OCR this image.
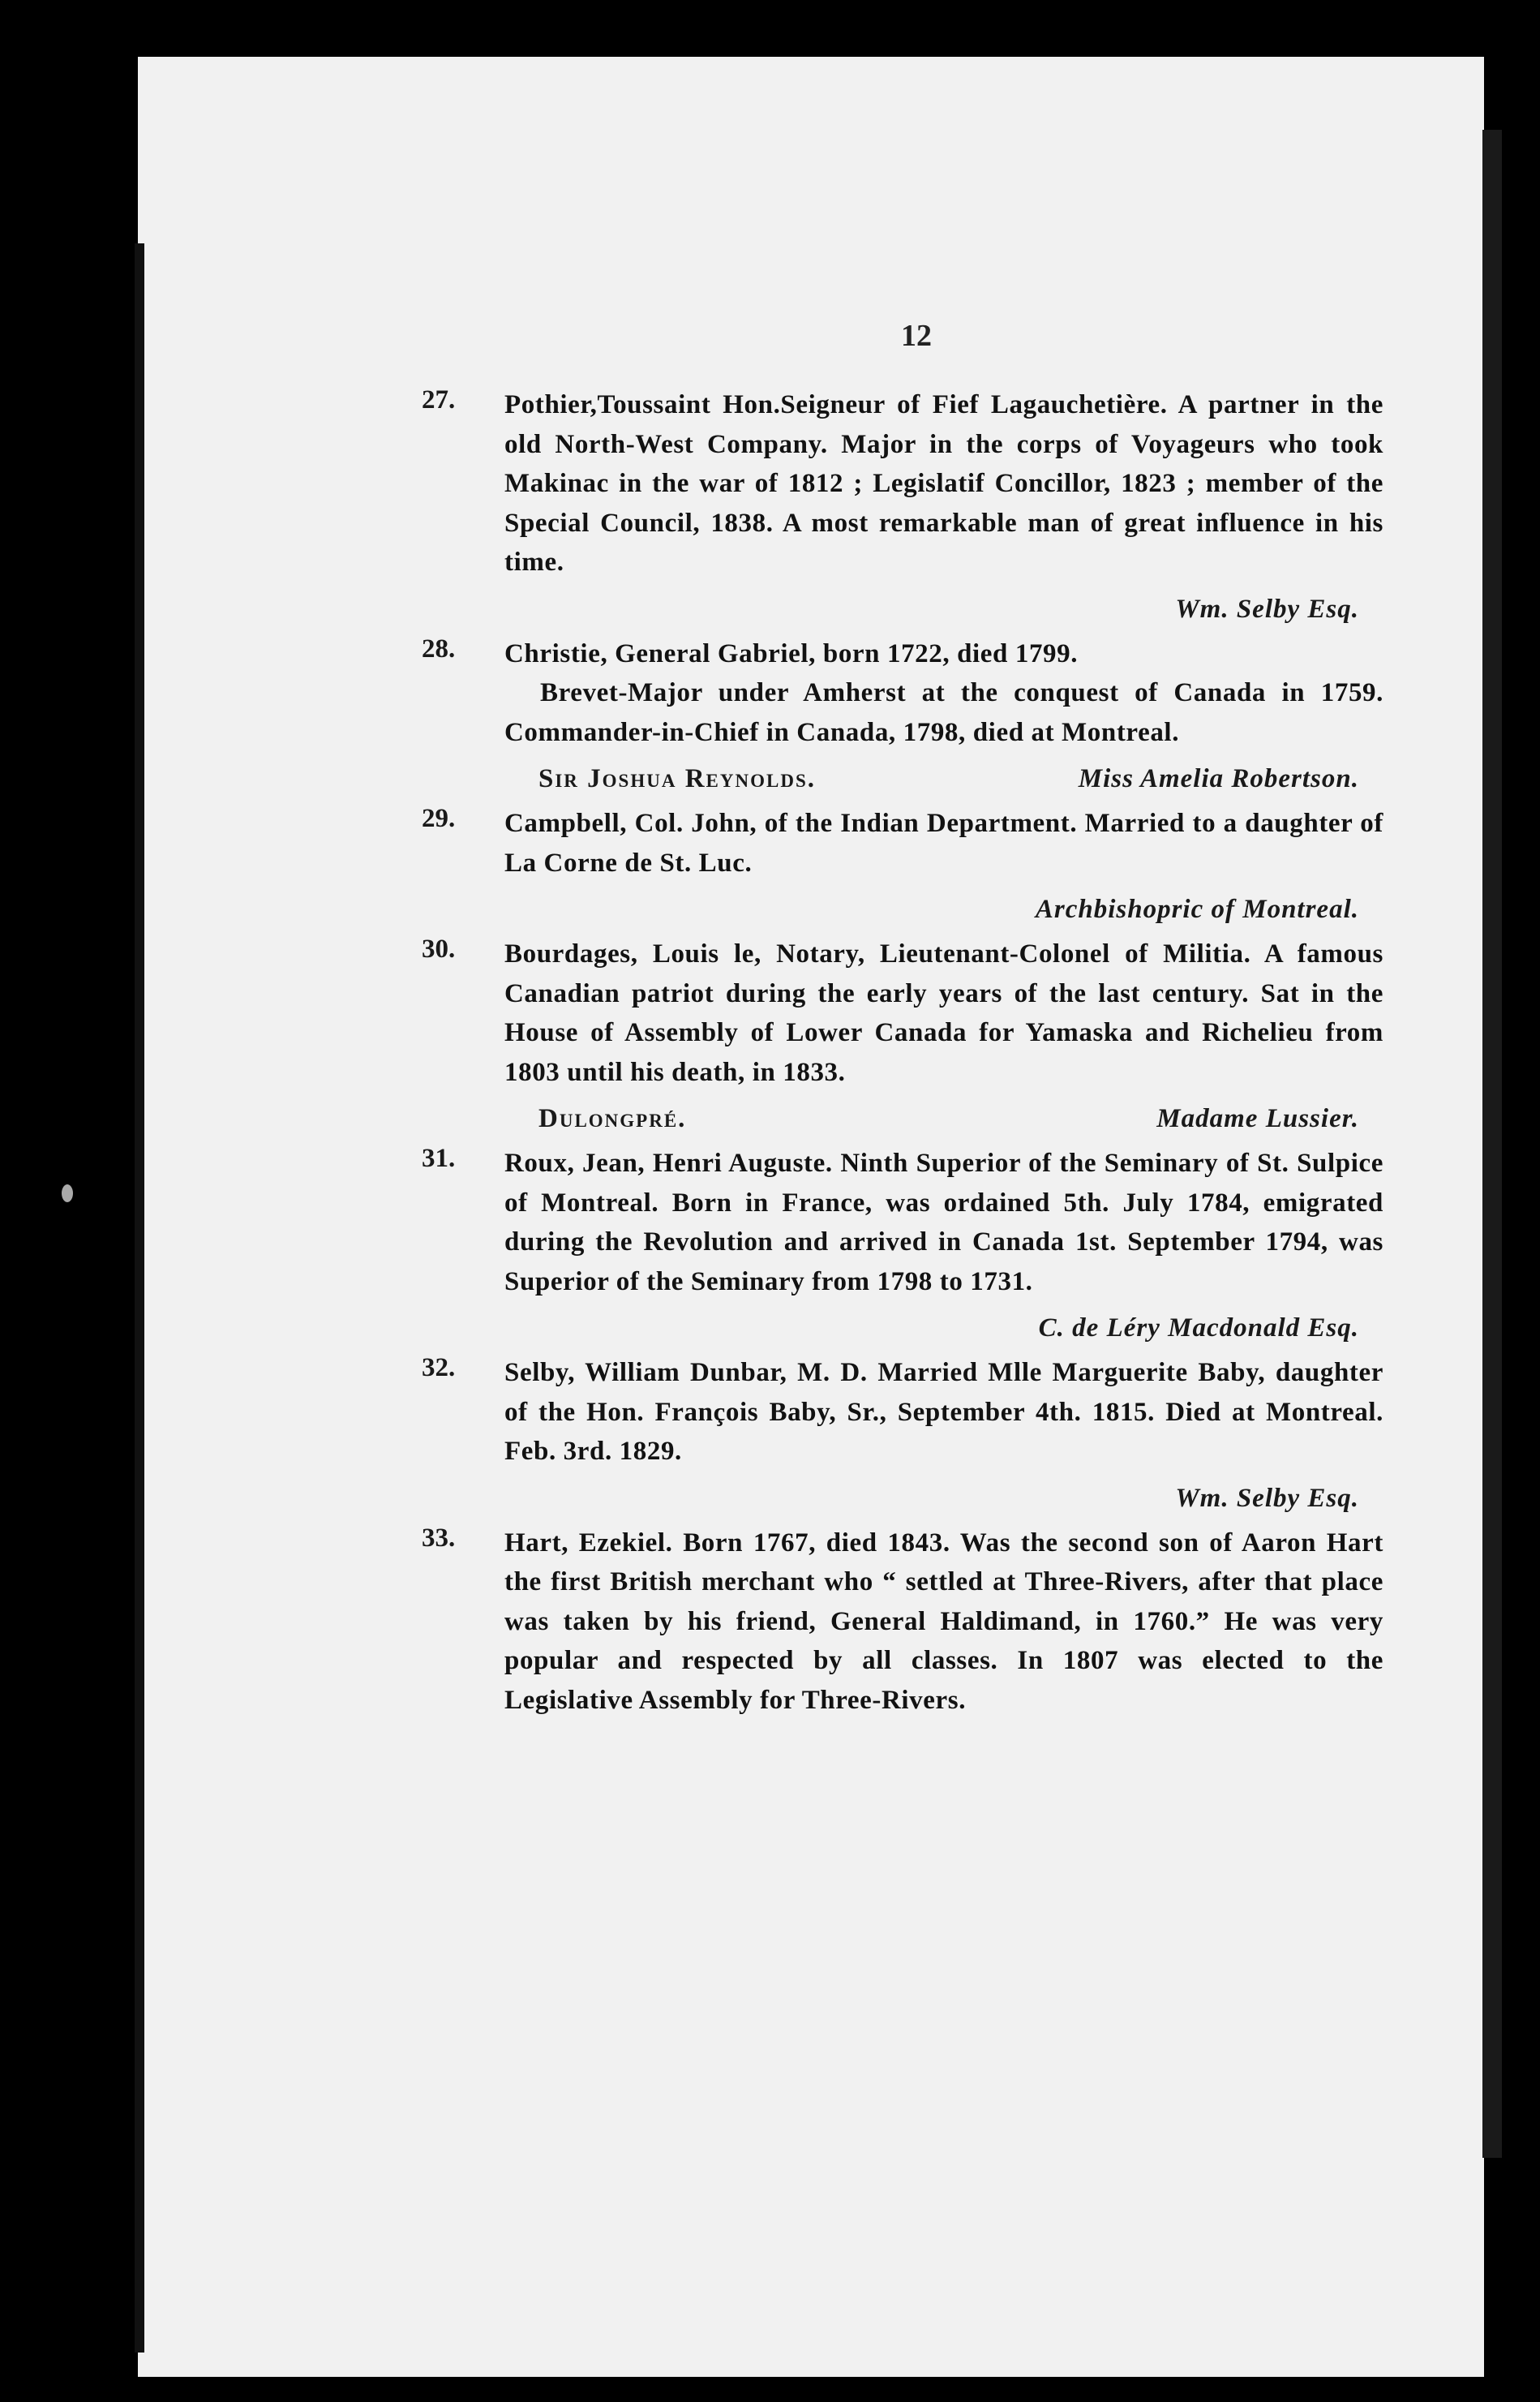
12
27. Pothier,Toussaint Hon.Seigneur of Fief Lagauchetière. A partner in the old North-West Company. Major in the corps of Voyageurs who took Makinac in the war of 1812 ; Legislatif Concillor, 1823 ; member of the Special Council, 1838. A most remarkable man of great influence in his time.
Wm. Selby Esq.
28. Christie, General Gabriel, born 1722, died 1799.
Brevet-Major under Amherst at the conquest of Canada in 1759. Commander-in-Chief in Canada, 1798, died at Montreal.
Sir Joshua Reynolds.	Miss Amelia Robertson.
29. Campbell, Col. John, of the Indian Department. Married to a daughter of La Corne de St. Luc.
Archbishopric of Montreal.
30. Bourdages, Louis le, Notary, Lieutenant-Colonel of Militia. A famous Canadian patriot during the early years of the last century. Sat in the House of Assembly of Lower Canada for Yamaska and Richelieu from 1803 until his death, in 1833.
Dulongpré.	Madame Lussier.
31. Roux, Jean, Henri Auguste. Ninth Superior of the Seminary of St. Sulpice of Montreal. Born in France, was ordained 5th. July 1784, emigrated during the Revolution and arrived in Canada 1st. September 1794, was Superior of the Seminary from 1798 to 1731.
C. de Léry Macdonald Esq.
32. Selby, William Dunbar, M. D. Married Mlle Marguerite Baby, daughter of the Hon. François Baby, Sr., September 4th. 1815. Died at Montreal. Feb. 3rd. 1829.
Wm. Selby Esq.
33. Hart, Ezekiel. Born 1767, died 1843. Was the second son of Aaron Hart the first British merchant who “ settled at Three-Rivers, after that place was taken by his friend, General Haldimand, in 1760.” He was very popular and respected by all classes. In 1807 was elected to the Legislative Assembly for Three-Rivers.
